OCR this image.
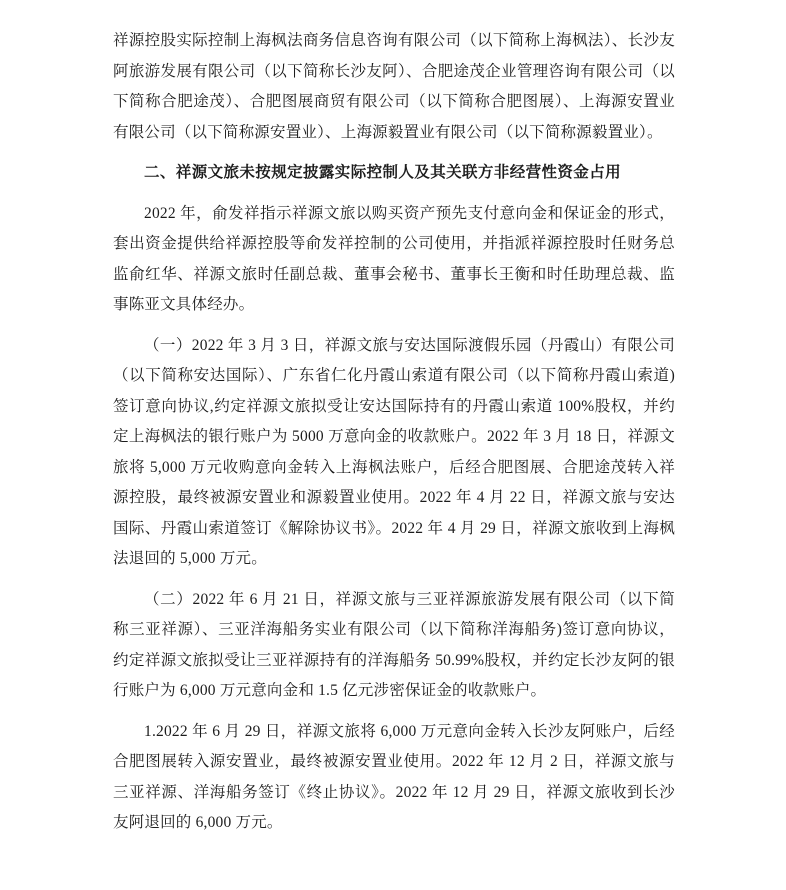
祥源控股实际控制上海枫法商务信息咨询有限公司（以下简称上海枫法）、长沙友阿旅游发展有限公司（以下简称长沙友阿）、合肥途茂企业管理咨询有限公司（以下简称合肥途茂）、合肥图展商贸有限公司（以下简称合肥图展）、上海源安置业有限公司（以下简称源安置业）、上海源毅置业有限公司（以下简称源毅置业）。

二、祥源文旅未按规定披露实际控制人及其关联方非经营性资金占用

2022 年，俞发祥指示祥源文旅以购买资产预先支付意向金和保证金的形式，套出资金提供给祥源控股等俞发祥控制的公司使用，并指派祥源控股时任财务总监俞红华、祥源文旅时任副总裁、董事会秘书、董事长王衡和时任助理总裁、监事陈亚文具体经办。

（一）2022 年 3 月 3 日，祥源文旅与安达国际渡假乐园（丹霞山）有限公司（以下简称安达国际）、广东省仁化丹霞山索道有限公司（以下简称丹霞山索道)签订意向协议,约定祥源文旅拟受让安达国际持有的丹霞山索道 100%股权，并约定上海枫法的银行账户为 5000 万意向金的收款账户。2022 年 3 月 18 日，祥源文旅将 5,000 万元收购意向金转入上海枫法账户，后经合肥图展、合肥途茂转入祥源控股，最终被源安置业和源毅置业使用。2022 年 4 月 22 日，祥源文旅与安达国际、丹霞山索道签订《解除协议书》。2022 年 4 月 29 日，祥源文旅收到上海枫法退回的 5,000 万元。

（二）2022 年 6 月 21 日，祥源文旅与三亚祥源旅游发展有限公司（以下简称三亚祥源）、三亚洋海船务实业有限公司（以下简称洋海船务)签订意向协议，约定祥源文旅拟受让三亚祥源持有的洋海船务 50.99%股权，并约定长沙友阿的银行账户为 6,000 万元意向金和 1.5 亿元涉密保证金的收款账户。

1.2022 年 6 月 29 日，祥源文旅将 6,000 万元意向金转入长沙友阿账户，后经合肥图展转入源安置业，最终被源安置业使用。2022 年 12 月 2 日，祥源文旅与三亚祥源、洋海船务签订《终止协议》。2022 年 12 月 29 日，祥源文旅收到长沙友阿退回的 6,000 万元。
